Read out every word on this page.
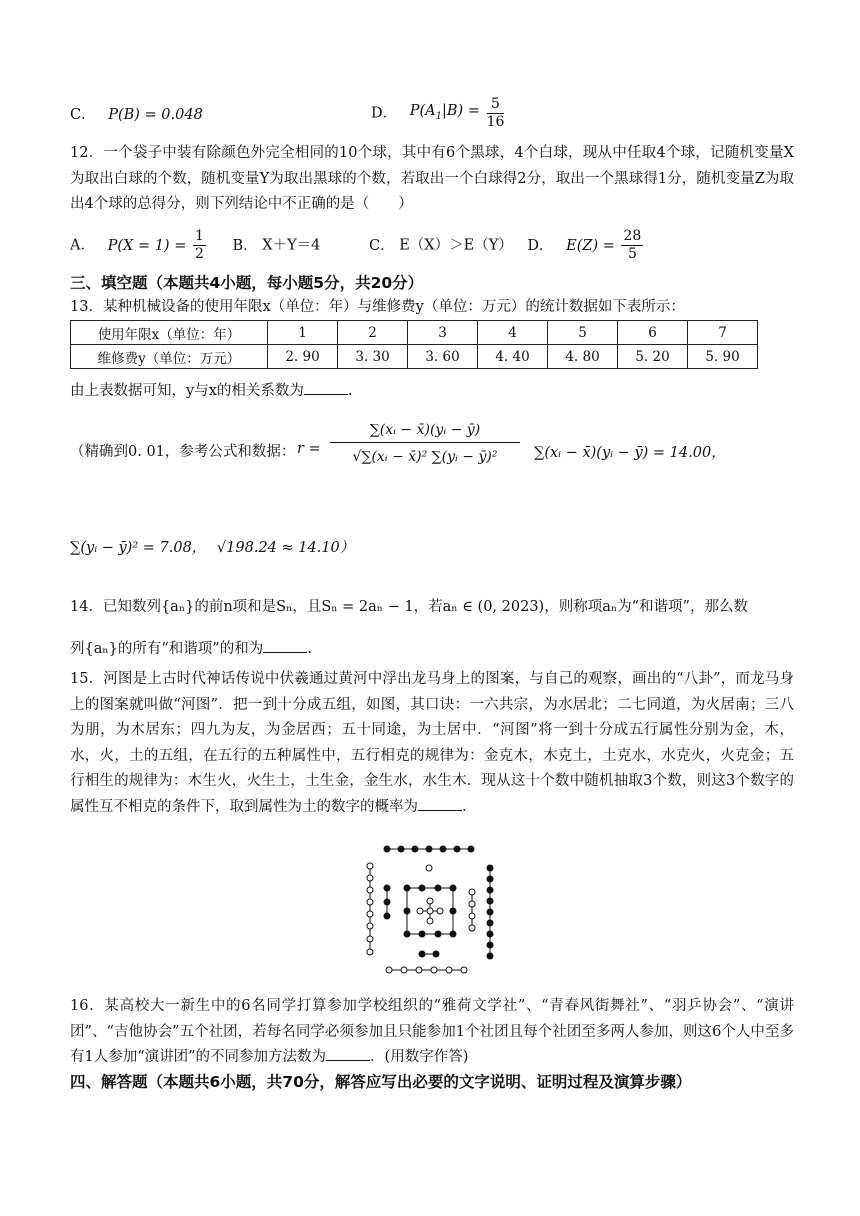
C． P(B) = 0.048	D． $P(A_1|B) = \frac{5}{16}$
12．一个袋子中装有除颜色外完全相同的10个球，其中有6个黑球，4个白球，现从中任取4个球，记随机变量X为取出白球的个数，随机变量Y为取出黑球的个数，若取出一个白球得2分，取出一个黑球得1分，随机变量Z为取出4个球的总得分，则下列结论中不正确的是（　　）
A． $P(X = 1) = \frac{1}{2}$ B． X＋Y＝4	C． E（X）＞E（Y） D． $E(Z) = \frac{28}{5}$
三、填空题（本题共4小题，每小题5分，共20分）
13．某种机械设备的使用年限x（单位：年）与维修费y（单位：万元）的统计数据如下表所示：
使用年限x（单位：年）	1	2	3	4	5	6	7
维修费y（单位：万元）	2. 90	3. 30	3. 60	4. 40	4. 80	5. 20	5. 90
由上表数据可知，y与x的相关系数为	.
（精确到0. 01，参考公式和数据： r =
∑(xᵢ − x̄)(yᵢ − ȳ)
√∑(xᵢ − x̄)² ∑(yᵢ − ȳ)²	∑(xᵢ − x̄)(yᵢ − ȳ) = 14.00，
∑(yᵢ − ȳ)² = 7.08， √198.24 ≈ 14.10）
14．已知数列{aₙ}的前n项和是Sₙ，且Sₙ = 2aₙ − 1，若aₙ ∈ (0, 2023)，则称项aₙ为“和谐项”，那么数
列{aₙ}的所有“和谐项”的和为	.
15．河图是上古时代神话传说中伏羲通过黄河中浮出龙马身上的图案，与自己的观察，画出的“八卦”，而龙马身上的图案就叫做“河图”．把一到十分成五组，如图，其口诀：一六共宗，为水居北；二七同道，为火居南；三八为朋，为木居东；四九为友，为金居西；五十同途，为土居中．“河图”将一到十分成五行属性分别为金，木，水，火，土的五组，在五行的五种属性中，五行相克的规律为：金克木，木克土，土克水，水克火，火克金；五行相生的规律为：木生火，火生土，土生金，金生水，水生木．现从这十个数中随机抽取3个数，则这3个数字的属性互不相克的条件下，取到属性为土的数字的概率为	.
16．某高校大一新生中的6名同学打算参加学校组织的“雅荷文学社”、“青春风街舞社”、“羽乒协会”、“演讲团”、“吉他协会”五个社团，若每名同学必须参加且只能参加1个社团且每个社团至多两人参加，则这6个人中至多有1人参加“演讲团”的不同参加方法数为	．(用数字作答)
四、解答题（本题共6小题，共70分，解答应写出必要的文字说明、证明过程及演算步骤）
